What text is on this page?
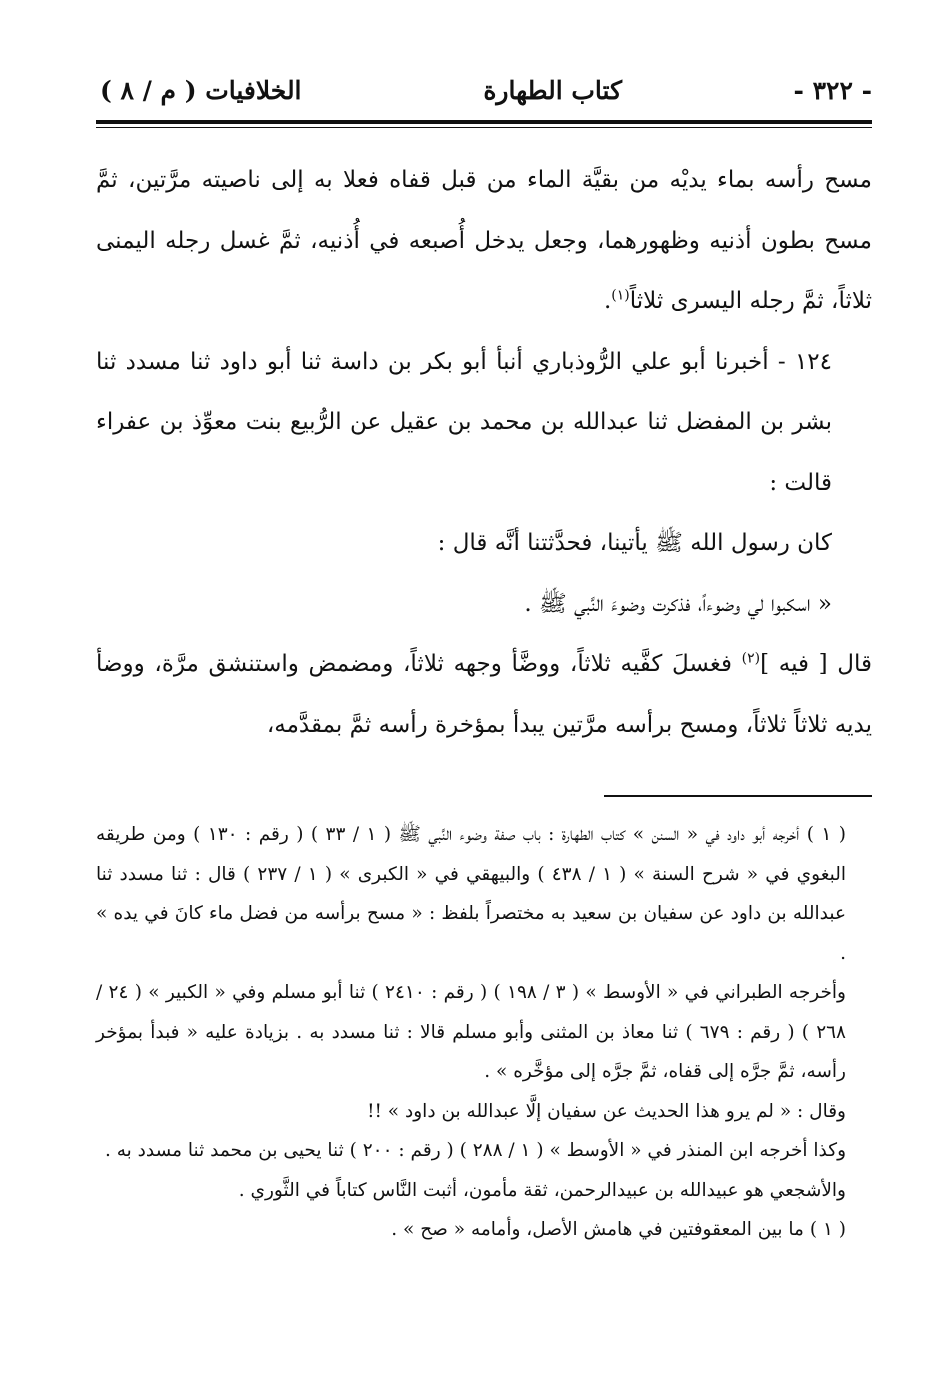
- ٣٢٢ -
كتاب الطهارة
الخلافيات ( م / ٨ )

مسح رأسه بماء يديْه من بقيَّة الماء من قبل قفاه فعلا به إلى ناصيته مرَّتين، ثمَّ مسح بطون أذنيه وظهورهما، وجعل يدخل أُصبعه في أُذنيه، ثمَّ غسل رجله اليمنى ثلاثاً، ثمَّ رجله اليسرى ثلاثاً$^{(١)}$.

١٢٤ - أخبرنا أبو علي الرُّوذباري أنبأ أبو بكر بن داسة ثنا أبو داود ثنا مسدد ثنا بشر بن المفضل ثنا عبدالله بن محمد بن عقيل عن الرُّبيع بنت معوِّذ بن عفراء قالت :

كان رسول الله ﷺ يأتينا، فحدَّثتنا أنَّه قال :

« اسكبوا لي وضوءاً، فذكرت وضوءَ النَّبي ﷺ .

قال [ فيه ]$^{(٢)}$ فغسلَ كفَّيه ثلاثاً، ووضَّأ وجهه ثلاثاً، ومضمض واستنشق مرَّة، ووضأ يديه ثلاثاً ثلاثاً، ومسح برأسه مرَّتين يبدأ بمؤخرة رأسه ثمَّ بمقدَّمه،

( ١ ) أخرجه أبو داود في « السنن » كتاب الطهارة : باب صفة وضوء النَّبي ﷺ ( ١ / ٣٣ ) ( رقم : ١٣٠ ) ومن طريقه البغوي في « شرح السنة » ( ١ / ٤٣٨ ) والبيهقي في « الكبرى » ( ١ / ٢٣٧ ) قال : ثنا مسدد ثنا عبدالله بن داود عن سفيان بن سعيد به مختصراً بلفظ : « مسح برأسه من فضل ماء كانَ في يده » .

وأخرجه الطبراني في « الأوسط » ( ٣ / ١٩٨ ) ( رقم : ٢٤١٠ ) ثنا أبو مسلم وفي « الكبير » ( ٢٤ / ٢٦٨ ) ( رقم : ٦٧٩ ) ثنا معاذ بن المثنى وأبو مسلم قالا : ثنا مسدد به . بزيادة عليه « فبدأ بمؤخر رأسه، ثمَّ جرَّه إلى قفاه، ثمَّ جرَّه إلى مؤخَّره » .

وقال : « لم يرو هذا الحديث عن سفيان إلَّا عبدالله بن داود » !!

وكذا أخرجه ابن المنذر في « الأوسط » ( ١ / ٢٨٨ ) ( رقم : ٢٠٠ ) ثنا يحيى بن محمد ثنا مسدد به .

والأشجعي هو عبيدالله بن عبيدالرحمن، ثقة مأمون، أثبت النَّاس كتاباً في الثَّوري .

( ١ ) ما بين المعقوفتين في هامش الأصل، وأمامه « صح » .
